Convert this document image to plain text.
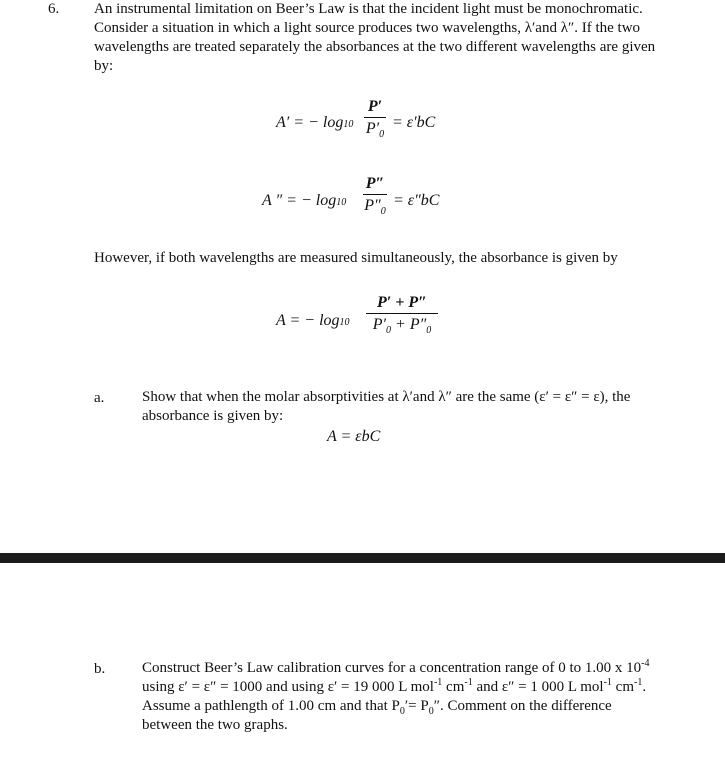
6. An instrumental limitation on Beer’s Law is that the incident light must be monochromatic.
Consider a situation in which a light source produces two wavelengths, λ′and λ″. If the two
wavelengths are treated separately the absorbances at the two different wavelengths are given
by:
A′ = − log10
P′
$P'_0$
= ε′bC
A ″ = − log10
P″
$P''_0$
= ε″bC
However, if both wavelengths are measured simultaneously, the absorbance is given by
A = − log10
P′ + P″
$P'_0 + P''_0$
a.	Show that when the molar absorptivities at λ′and λ″ are the same (ε′ = ε″ = ε), the
absorbance is given by:
A = εbC
b. Construct Beer’s Law calibration curves for a concentration range of 0 to 1.00 x $10^{-4}$
using ε′ = ε″ = 1000 and using ε′ = 19 000 L mol$^{-1}$ $cm^{-1}$ and ε″ = 1 000 L mol$^{-1}$ $cm^{-1}$.
Assume a pathlength of 1.00 cm and that $P_0'= P_0''$. Comment on the difference
between the two graphs.
